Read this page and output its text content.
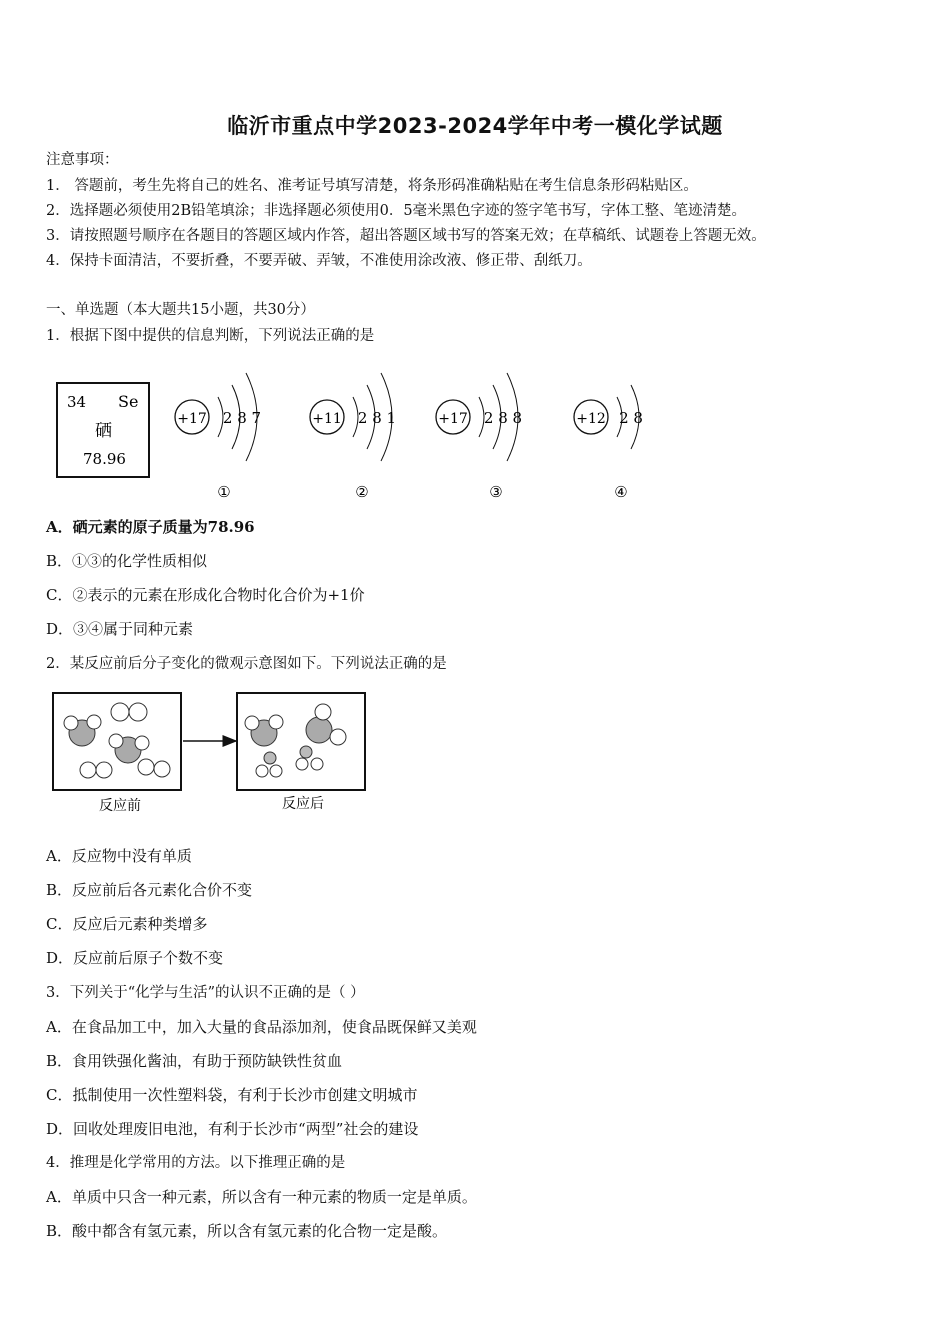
临沂市重点中学2023-2024学年中考一模化学试题
注意事项：
1． 答题前，考生先将自己的姓名、准考证号填写清楚，将条形码准确粘贴在考生信息条形码粘贴区。
2．选择题必须使用2B铅笔填涂；非选择题必须使用0．5毫米黑色字迹的签字笔书写，字体工整、笔迹清楚。
3．请按照题号顺序在各题目的答题区域内作答，超出答题区域书写的答案无效；在草稿纸、试题卷上答题无效。
4．保持卡面清洁，不要折叠，不要弄破、弄皱，不准使用涂改液、修正带、刮纸刀。
一、单选题（本大题共15小题，共30分）
1．根据下图中提供的信息判断，下列说法正确的是
34 Se
硒
78.96
+17 2 8 7
①
+11 2 8 1
②
+17 2 8 8
③
+12 2 8
④
A．硒元素的原子质量为78.96
B．①③的化学性质相似
C．②表示的元素在形成化合物时化合价为+1价
D．③④属于同种元素
2．某反应前后分子变化的微观示意图如下。下列说法正确的是
反应前	反应后
A．反应物中没有单质
B．反应前后各元素化合价不变
C．反应后元素种类增多
D．反应前后原子个数不变
3．下列关于“化学与生活”的认识不正确的是（ ）
A．在食品加工中，加入大量的食品添加剂，使食品既保鲜又美观
B．食用铁强化酱油，有助于预防缺铁性贫血
C．抵制使用一次性塑料袋，有利于长沙市创建文明城市
D．回收处理废旧电池，有利于长沙市“两型”社会的建设
4．推理是化学常用的方法。以下推理正确的是
A．单质中只含一种元素，所以含有一种元素的物质一定是单质。
B．酸中都含有氢元素，所以含有氢元素的化合物一定是酸。
